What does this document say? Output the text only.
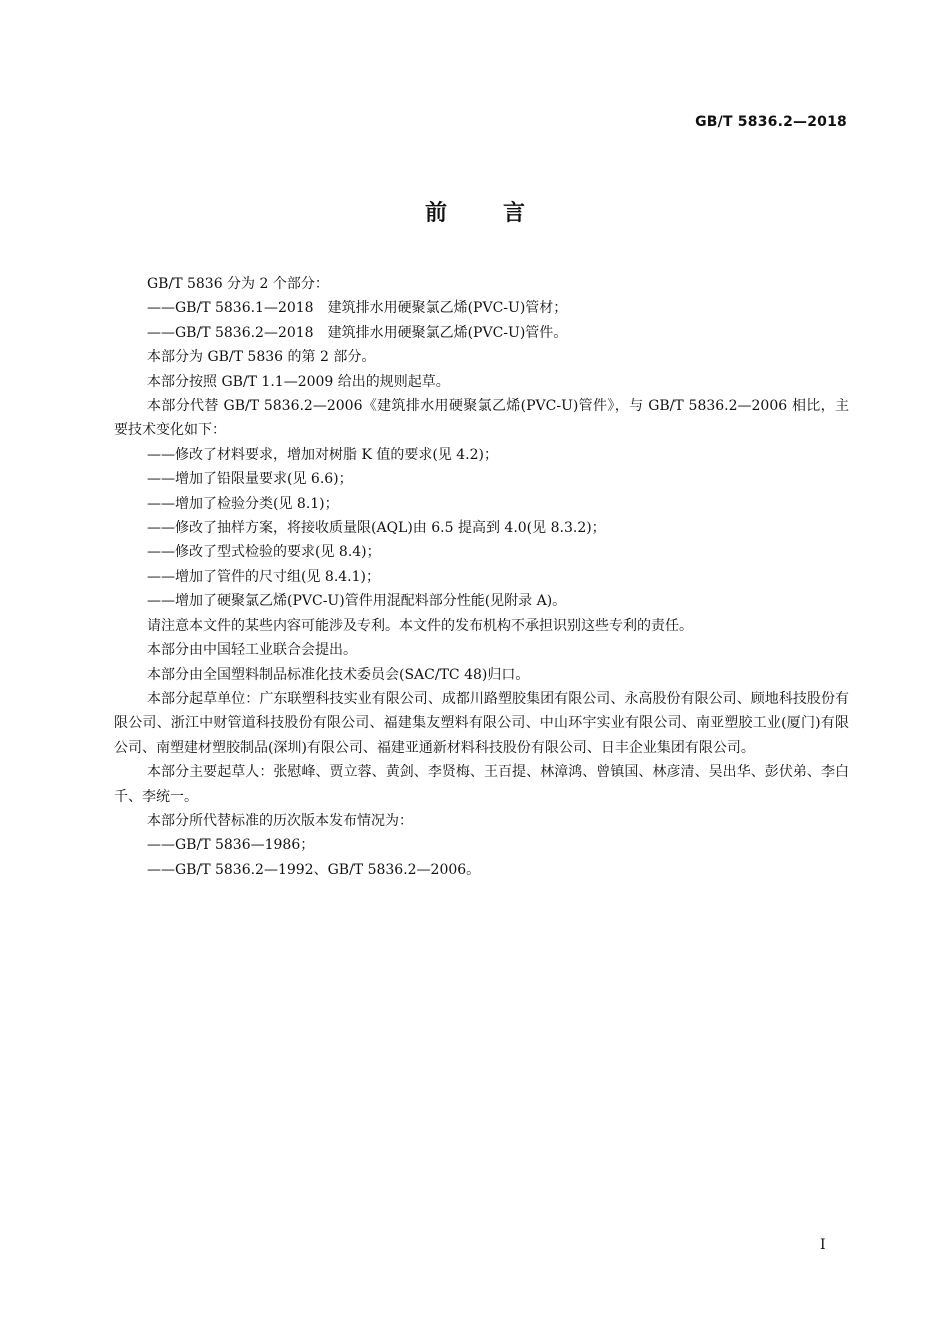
GB/T 5836.2—2018
前	言

GB/T 5836 分为 2 个部分：

——GB/T 5836.1—2018　建筑排水用硬聚氯乙烯(PVC-U)管材；

——GB/T 5836.2—2018　建筑排水用硬聚氯乙烯(PVC-U)管件。

本部分为 GB/T 5836 的第 2 部分。

本部分按照 GB/T 1.1—2009 给出的规则起草。

本部分代替 GB/T 5836.2—2006《建筑排水用硬聚氯乙烯(PVC-U)管件》，与 GB/T 5836.2—2006 相比，主要技术变化如下：

——修改了材料要求，增加对树脂 K 值的要求(见 4.2)；

——增加了铅限量要求(见 6.6)；

——增加了检验分类(见 8.1)；

——修改了抽样方案，将接收质量限(AQL)由 6.5 提高到 4.0(见 8.3.2)；

——修改了型式检验的要求(见 8.4)；

——增加了管件的尺寸组(见 8.4.1)；

——增加了硬聚氯乙烯(PVC-U)管件用混配料部分性能(见附录 A)。

请注意本文件的某些内容可能涉及专利。本文件的发布机构不承担识别这些专利的责任。

本部分由中国轻工业联合会提出。

本部分由全国塑料制品标准化技术委员会(SAC/TC 48)归口。

本部分起草单位：广东联塑科技实业有限公司、成都川路塑胶集团有限公司、永高股份有限公司、顾地科技股份有限公司、浙江中财管道科技股份有限公司、福建集友塑料有限公司、中山环宇实业有限公司、南亚塑胶工业(厦门)有限公司、南塑建材塑胶制品(深圳)有限公司、福建亚通新材料科技股份有限公司、日丰企业集团有限公司。

本部分主要起草人：张慰峰、贾立蓉、黄剑、李贤梅、王百提、林漳鸿、曾镇国、林彦清、吴出华、彭伏弟、李白千、李统一。

本部分所代替标准的历次版本发布情况为：

——GB/T 5836—1986；

——GB/T 5836.2—1992、GB/T 5836.2—2006。

I
